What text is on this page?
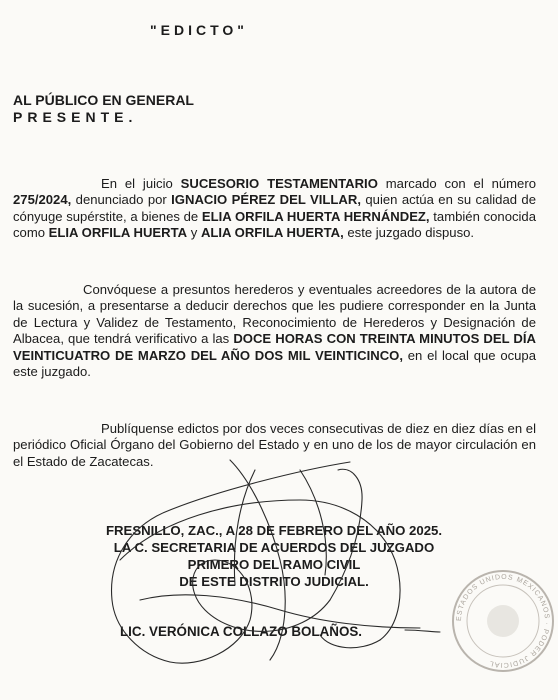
"EDICTO"
AL PÚBLICO EN GENERAL
PRESENTE.
En el juicio SUCESORIO TESTAMENTARIO marcado con el número 275/2024, denunciado por IGNACIO PÉREZ DEL VILLAR, quien actúa en su calidad de cónyuge supérstite, a bienes de ELIA ORFILA HUERTA HERNÁNDEZ, también conocida como ELIA ORFILA HUERTA y ALIA ORFILA HUERTA, este juzgado dispuso.
Convóquese a presuntos herederos y eventuales acreedores de la autora de la sucesión, a presentarse a deducir derechos que les pudiere corresponder en la Junta de Lectura y Validez de Testamento, Reconocimiento de Herederos y Designación de Albacea, que tendrá verificativo a las DOCE HORAS CON TREINTA MINUTOS DEL DÍA VEINTICUATRO DE MARZO DEL AÑO DOS MIL VEINTICINCO, en el local que ocupa este juzgado.
Publíquense edictos por dos veces consecutivas de diez en diez días en el periódico Oficial Órgano del Gobierno del Estado y en uno de los de mayor circulación en el Estado de Zacatecas.
FRESNILLO, ZAC., A 28 DE FEBRERO DEL AÑO 2025.
LA C. SECRETARIA DE ACUERDOS DEL JUZGADO
PRIMERO DEL RAMO CIVIL
DE ESTE DISTRITO JUDICIAL.
LIC. VERÓNICA COLLAZO BOLAÑOS.
ESTADOS UNIDOS MEXICANOS · PODER JUDICIAL
